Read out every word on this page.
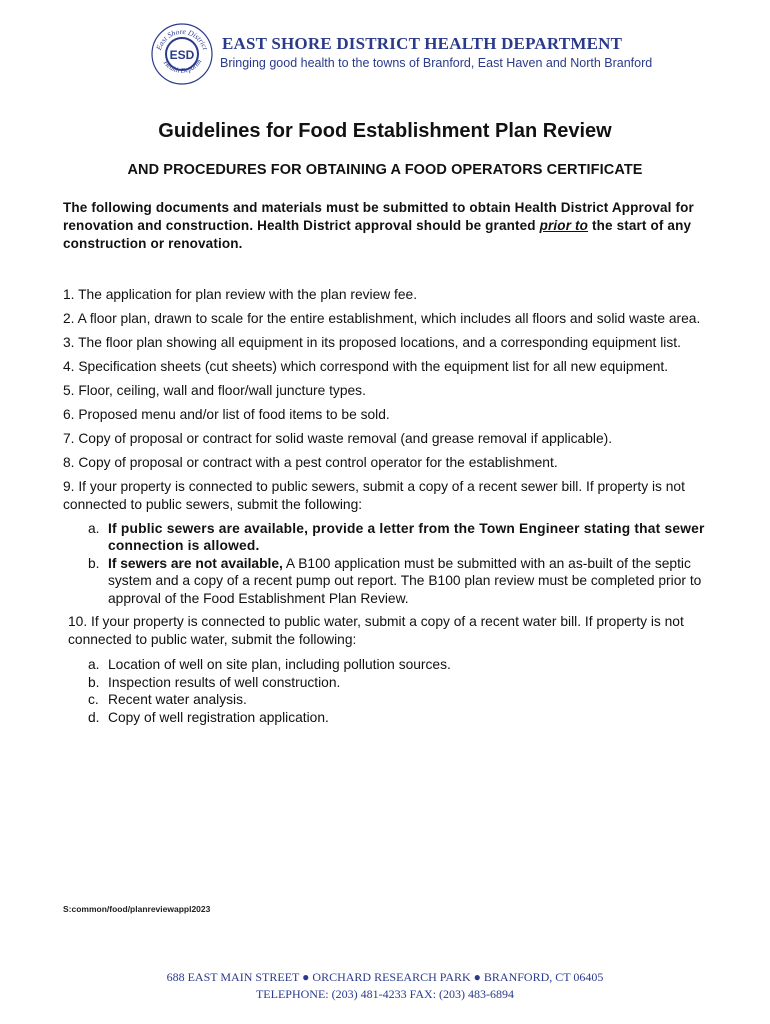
East Shore District
Health Departm
ESD
EAST SHORE DISTRICT HEALTH DEPARTMENT
Bringing good health to the towns of Branford, East Haven and North Branford
Guidelines for Food Establishment Plan Review
AND PROCEDURES FOR OBTAINING A FOOD OPERATORS CERTIFICATE
The following documents and materials must be submitted to obtain Health District Approval for renovation and construction. Health District approval should be granted prior to the start of any construction or renovation.
1. The application for plan review with the plan review fee.
2. A floor plan, drawn to scale for the entire establishment, which includes all floors and solid waste area.
3. The floor plan showing all equipment in its proposed locations, and a corresponding equipment list.
4. Specification sheets (cut sheets) which correspond with the equipment list for all new equipment.
5. Floor, ceiling, wall and floor/wall juncture types.
6. Proposed menu and/or list of food items to be sold.
7. Copy of proposal or contract for solid waste removal (and grease removal if applicable).
8. Copy of proposal or contract with a pest control operator for the establishment.
9. If your property is connected to public sewers, submit a copy of a recent sewer bill. If property is not connected to public sewers, submit the following:
a. If public sewers are available, provide a letter from the Town Engineer stating that sewer connection is allowed.
b. If sewers are not available, A B100 application must be submitted with an as-built of the septic system and a copy of a recent pump out report. The B100 plan review must be completed prior to approval of the Food Establishment Plan Review.
10. If your property is connected to public water, submit a copy of a recent water bill. If property is not connected to public water, submit the following:
a. Location of well on site plan, including pollution sources.
b. Inspection results of well construction.
c. Recent water analysis.
d. Copy of well registration application.
S:common/food/planreviewappl2023
688 EAST MAIN STREET ● ORCHARD RESEARCH PARK ● BRANFORD, CT 06405
TELEPHONE: (203) 481-4233 FAX: (203) 483-6894
